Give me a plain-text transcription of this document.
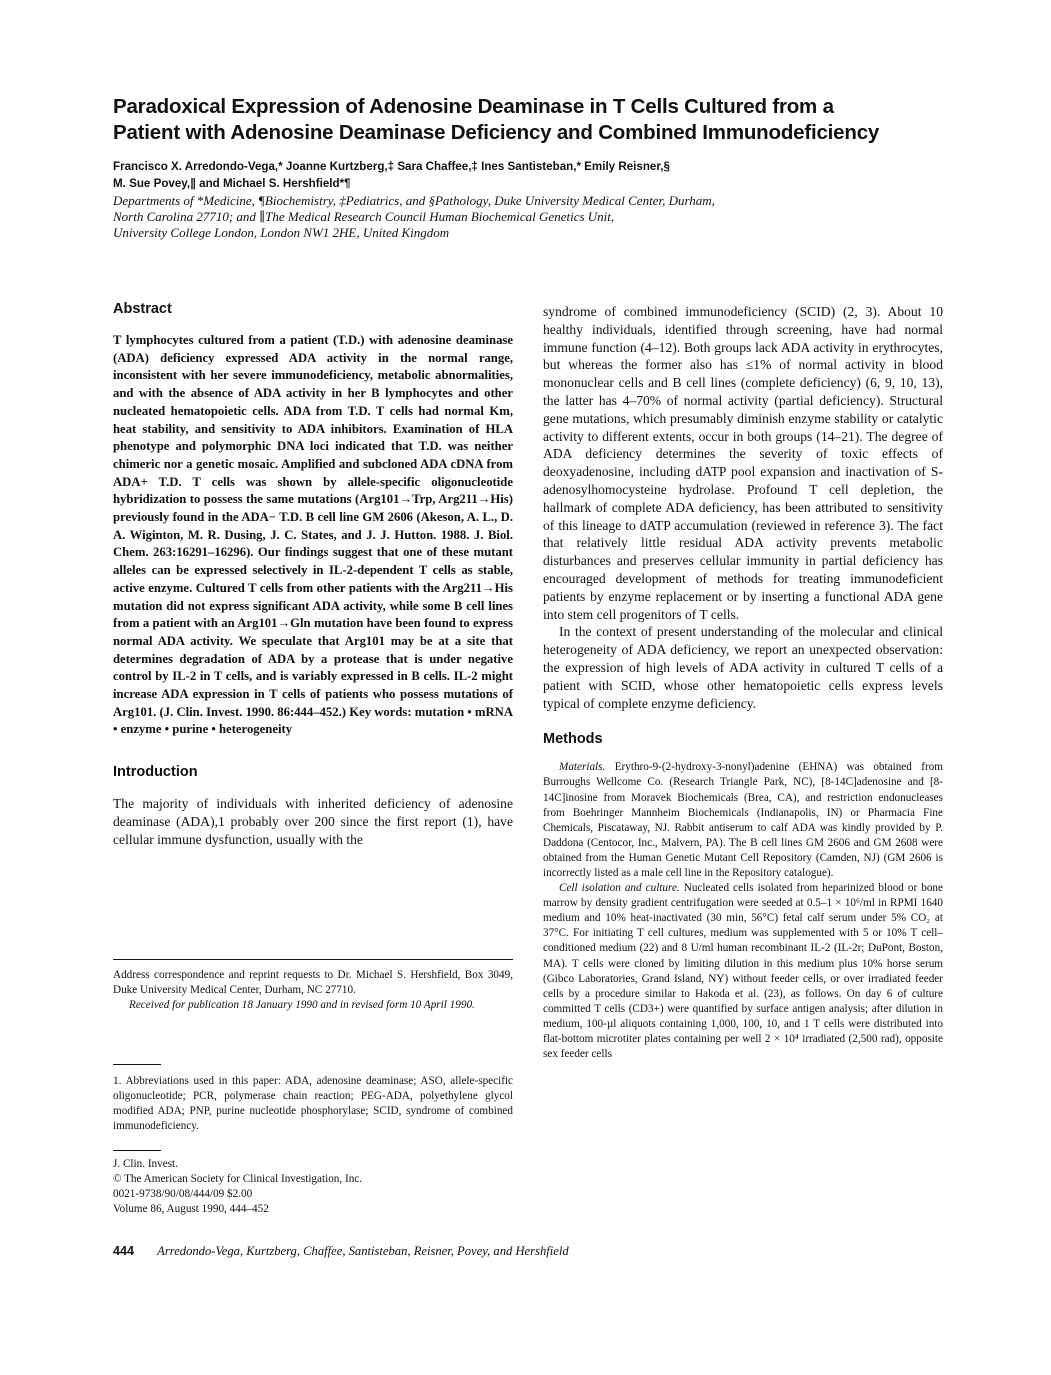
Paradoxical Expression of Adenosine Deaminase in T Cells Cultured from a
Patient with Adenosine Deaminase Deficiency and Combined Immunodeficiency
Francisco X. Arredondo-Vega,* Joanne Kurtzberg,‡ Sara Chaffee,‡ Ines Santisteban,* Emily Reisner,§
M. Sue Povey,∥ and Michael S. Hershfield*¶
Departments of *Medicine, ¶Biochemistry, ‡Pediatrics, and §Pathology, Duke University Medical Center, Durham,
North Carolina 27710; and ∥The Medical Research Council Human Biochemical Genetics Unit,
University College London, London NW1 2HE, United Kingdom
Abstract

T lymphocytes cultured from a patient (T.D.) with adenosine deaminase (ADA) deficiency expressed ADA activity in the normal range, inconsistent with her severe immunodeficiency, metabolic abnormalities, and with the absence of ADA activity in her B lymphocytes and other nucleated hematopoietic cells. ADA from T.D. T cells had normal Km, heat stability, and sensitivity to ADA inhibitors. Examination of HLA phenotype and polymorphic DNA loci indicated that T.D. was neither chimeric nor a genetic mosaic. Amplified and subcloned ADA cDNA from ADA+ T.D. T cells was shown by allele-specific oligonucleotide hybridization to possess the same mutations (Arg101→Trp, Arg211→His) previously found in the ADA− T.D. B cell line GM 2606 (Akeson, A. L., D. A. Wiginton, M. R. Dusing, J. C. States, and J. J. Hutton. 1988. J. Biol. Chem. 263:16291–16296). Our findings suggest that one of these mutant alleles can be expressed selectively in IL-2-dependent T cells as stable, active enzyme. Cultured T cells from other patients with the Arg211→His mutation did not express significant ADA activity, while some B cell lines from a patient with an Arg101→Gln mutation have been found to express normal ADA activity. We speculate that Arg101 may be at a site that determines degradation of ADA by a protease that is under negative control by IL-2 in T cells, and is variably expressed in B cells. IL-2 might increase ADA expression in T cells of patients who possess mutations of Arg101. (J. Clin. Invest. 1990. 86:444–452.) Key words: mutation • mRNA • enzyme • purine • heterogeneity

Introduction

The majority of individuals with inherited deficiency of adenosine deaminase (ADA),1 probably over 200 since the first report (1), have cellular immune dysfunction, usually with the

Address correspondence and reprint requests to Dr. Michael S. Hershfield, Box 3049, Duke University Medical Center, Durham, NC 27710.

Received for publication 18 January 1990 and in revised form 10 April 1990.

1. Abbreviations used in this paper: ADA, adenosine deaminase; ASO, allele-specific oligonucleotide; PCR, polymerase chain reaction; PEG-ADA, polyethylene glycol modified ADA; PNP, purine nucleotide phosphorylase; SCID, syndrome of combined immunodeficiency.

J. Clin. Invest.
© The American Society for Clinical Investigation, Inc.
0021-9738/90/08/444/09 $2.00
Volume 86, August 1990, 444–452

syndrome of combined immunodeficiency (SCID) (2, 3). About 10 healthy individuals, identified through screening, have had normal immune function (4–12). Both groups lack ADA activity in erythrocytes, but whereas the former also has ≤1% of normal activity in blood mononuclear cells and B cell lines (complete deficiency) (6, 9, 10, 13), the latter has 4–70% of normal activity (partial deficiency). Structural gene mutations, which presumably diminish enzyme stability or catalytic activity to different extents, occur in both groups (14–21). The degree of ADA deficiency determines the severity of toxic effects of deoxyadenosine, including dATP pool expansion and inactivation of S-adenosylhomocysteine hydrolase. Profound T cell depletion, the hallmark of complete ADA deficiency, has been attributed to sensitivity of this lineage to dATP accumulation (reviewed in reference 3). The fact that relatively little residual ADA activity prevents metabolic disturbances and preserves cellular immunity in partial deficiency has encouraged development of methods for treating immunodeficient patients by enzyme replacement or by inserting a functional ADA gene into stem cell progenitors of T cells.

In the context of present understanding of the molecular and clinical heterogeneity of ADA deficiency, we report an unexpected observation: the expression of high levels of ADA activity in cultured T cells of a patient with SCID, whose other hematopoietic cells express levels typical of complete enzyme deficiency.

Methods

Materials. Erythro-9-(2-hydroxy-3-nonyl)adenine (EHNA) was obtained from Burroughs Wellcome Co. (Research Triangle Park, NC), [8-14C]adenosine and [8-14C]inosine from Moravek Biochemicals (Brea, CA), and restriction endonucleases from Boehringer Mannheim Biochemicals (Indianapolis, IN) or Pharmacia Fine Chemicals, Piscataway, NJ. Rabbit antiserum to calf ADA was kindly provided by P. Daddona (Centocor, Inc., Malvern, PA). The B cell lines GM 2606 and GM 2608 were obtained from the Human Genetic Mutant Cell Repository (Camden, NJ) (GM 2606 is incorrectly listed as a male cell line in the Repository catalogue).

Cell isolation and culture. Nucleated cells isolated from heparinized blood or bone marrow by density gradient centrifugation were seeded at 0.5–1 × 10⁶/ml in RPMI 1640 medium and 10% heat-inactivated (30 min, 56°C) fetal calf serum under 5% CO₂ at 37°C. For initiating T cell cultures, medium was supplemented with 5 or 10% T cell–conditioned medium (22) and 8 U/ml human recombinant IL-2 (IL-2r; DuPont, Boston, MA). T cells were cloned by limiting dilution in this medium plus 10% horse serum (Gibco Laboratories, Grand Island, NY) without feeder cells, or over irradiated feeder cells by a procedure similar to Hakoda et al. (23), as follows. On day 6 of culture committed T cells (CD3+) were quantified by surface antigen analysis; after dilution in medium, 100-µl aliquots containing 1,000, 100, 10, and 1 T cells were distributed into flat-bottom microtiter plates containing per well 2 × 10⁴ irradiated (2,500 rad), opposite sex feeder cells

444 Arredondo-Vega, Kurtzberg, Chaffee, Santisteban, Reisner, Povey, and Hershfield
